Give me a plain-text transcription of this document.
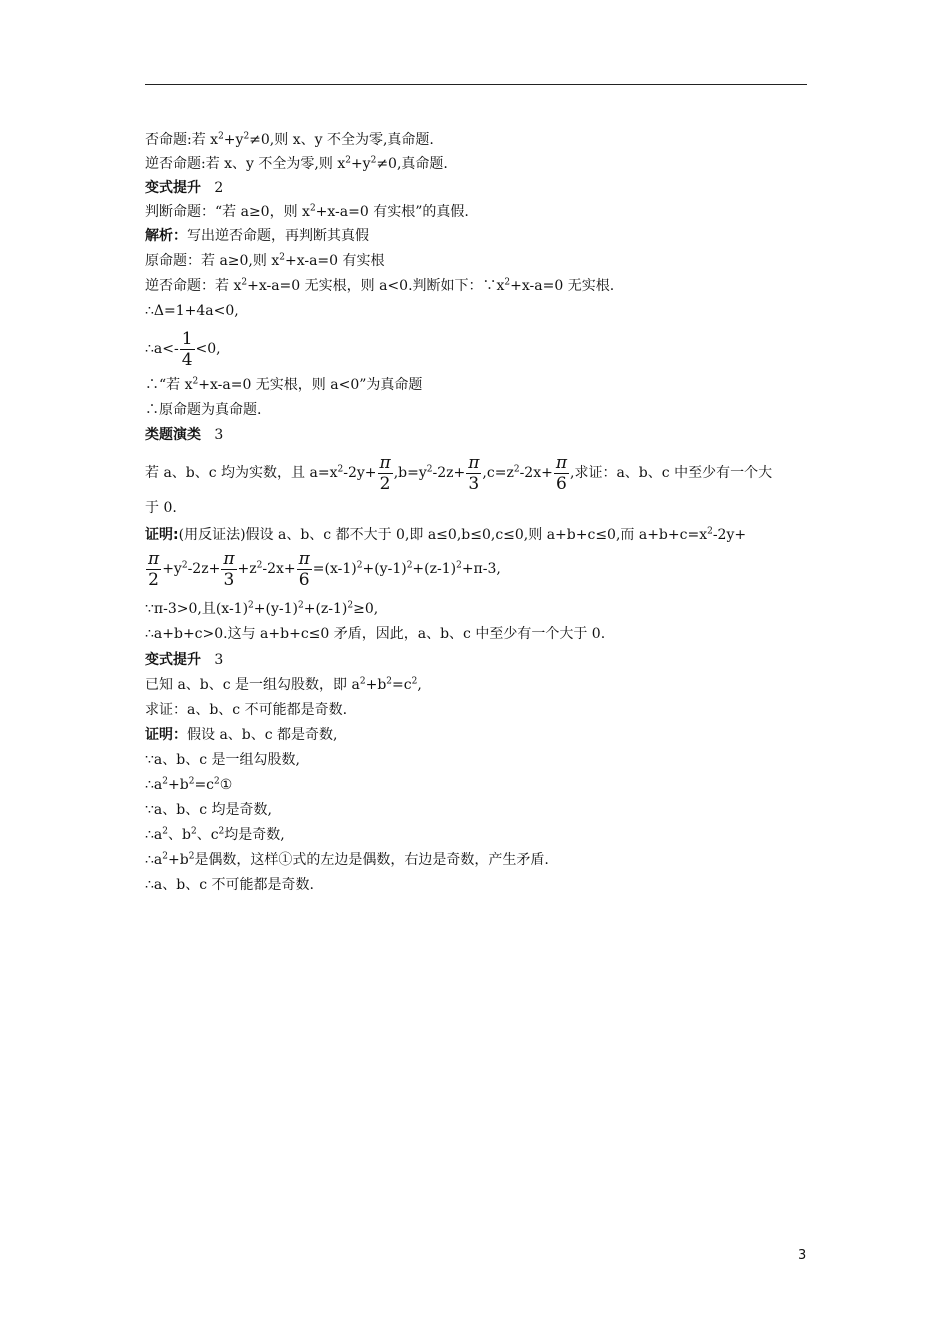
否命题:若 $x^2+y^2\ne 0$,则 x、y 不全为零,真命题.
逆否命题:若 x、y 不全为零,则 $x^2+y^2\ne 0$,真命题.
变式提升 2
判断命题：“若 a≥0，则 $x^2+x-a=0$ 有实根”的真假.
解析：写出逆否命题，再判断其真假
原命题：若 a≥0,则 $x^2+x-a=0$ 有实根
逆否命题：若 $x^2+x-a=0$ 无实根，则 a<0.判断如下：$\because x^2+x-a=0$ 无实根.
∴Δ=1+4a<0,
∴a<- $\frac{1}{4} <0$,
∴“若 $x^2+x-a=0$ 无实根，则 a<0”为真命题
∴原命题为真命题.
类题演类 3
若 a、b、c 均为实数，且 $a=x^2-2y+ \frac{\pi}{2} ,b=y^2-2z+ \frac{\pi}{3} ,c=z^2-2x+ \frac{\pi}{6}$ ,求证：a、b、c 中至少有一个大
于 0.
证明:(用反证法)假设 a、b、c 都不大于 0,即 a≤0,b≤0,c≤0,则 a+b+c≤0,而 $a+b+c=x^2-2y+$
$\frac{\pi}{2} +y^2-2z+ \frac{\pi}{3} +z^2-2x+ \frac{\pi}{6} =(x-1)^2+(y-1)^2+(z-1)^2+\pi-3$,
∵π-3>0,且$(x-1)^2+(y-1)^2+(z-1)^2\ge 0$,
∴a+b+c>0.这与 a+b+c≤0 矛盾，因此，a、b、c 中至少有一个大于 0.
变式提升 3
已知 a、b、c 是一组勾股数，即 $a^2+b^2=c^2$,
求证：a、b、c 不可能都是奇数.
证明：假设 a、b、c 都是奇数,
∵a、b、c 是一组勾股数,
$\therefore a^2+b^2=c^2①$
∵a、b、c 均是奇数,
$\therefore a^2$、$b^2$、$c^2$均是奇数,
$\therefore a^2+b^2$是偶数，这样①式的左边是偶数，右边是奇数，产生矛盾.
∴a、b、c 不可能都是奇数.
3
